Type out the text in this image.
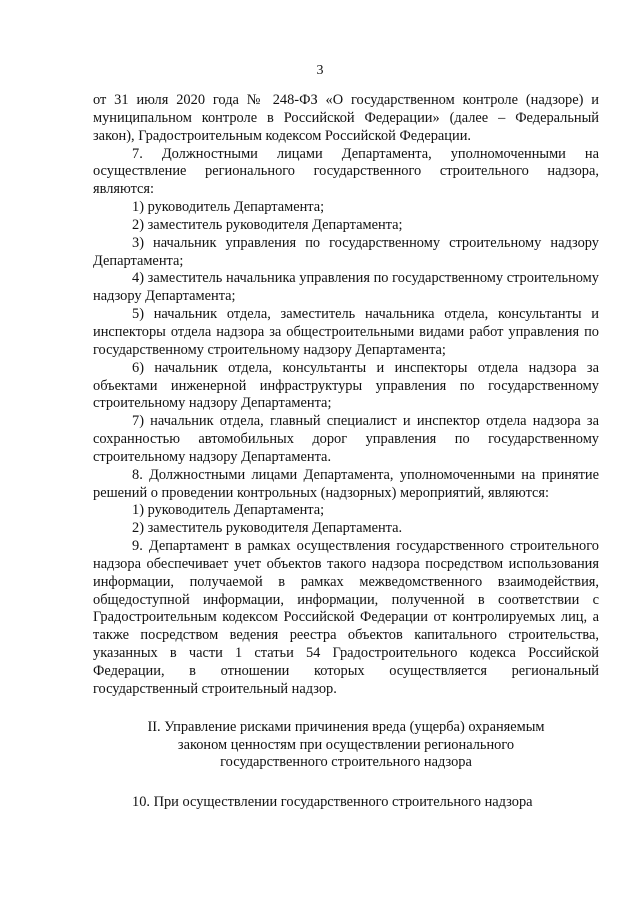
3

от 31 июля 2020 года № 248-ФЗ «О государственном контроле (надзоре) и муниципальном контроле в Российской Федерации» (далее – Федеральный закон), Градостроительным кодексом Российской Федерации.

7. Должностными лицами Департамента, уполномоченными на осуществление регионального государственного строительного надзора, являются:

1) руководитель Департамента;

2) заместитель руководителя Департамента;

3) начальник управления по государственному строительному надзору Департамента;

4) заместитель начальника управления по государственному строительному надзору Департамента;

5) начальник отдела, заместитель начальника отдела, консультанты и инспекторы отдела надзора за общестроительными видами работ управления по государственному строительному надзору Департамента;

6) начальник отдела, консультанты и инспекторы отдела надзора за объектами инженерной инфраструктуры управления по государственному строительному надзору Департамента;

7) начальник отдела, главный специалист и инспектор отдела надзора за сохранностью автомобильных дорог управления по государственному строительному надзору Департамента.

8. Должностными лицами Департамента, уполномоченными на принятие решений о проведении контрольных (надзорных) мероприятий, являются:

1) руководитель Департамента;

2) заместитель руководителя Департамента.

9. Департамент в рамках осуществления государственного строительного надзора обеспечивает учет объектов такого надзора посредством использования информации, получаемой в рамках межведомственного взаимодействия, общедоступной информации, информации, полученной в соответствии с Градостроительным кодексом Российской Федерации от контролируемых лиц, а также посредством ведения реестра объектов капитального строительства, указанных в части 1 статьи 54 Градостроительного кодекса Российской Федерации, в отношении которых осуществляется региональный государственный строительный надзор.

II. Управление рисками причинения вреда (ущерба) охраняемым
законом ценностям при осуществлении регионального
государственного строительного надзора

10. При осуществлении государственного строительного надзора
